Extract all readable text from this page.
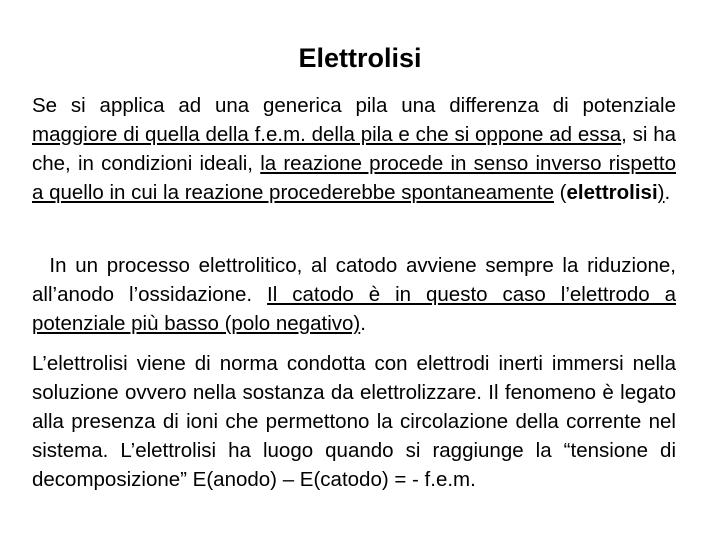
Elettrolisi

Se si applica ad una generica pila una differenza di potenziale maggiore di quella della f.e.m. della pila e che si oppone ad essa, si ha che, in condizioni ideali, la reazione procede in senso inverso rispetto a quello in cui la reazione procederebbe spontaneamente (elettrolisi).

In un processo elettrolitico, al catodo avviene sempre la riduzione, all’anodo l’ossidazione. Il catodo è in questo caso l’elettrodo a potenziale più basso (polo negativo).

L’elettrolisi viene di norma condotta con elettrodi inerti immersi nella soluzione ovvero nella sostanza da elettrolizzare. Il fenomeno è legato alla presenza di ioni che permettono la circolazione della corrente nel sistema. L’elettrolisi ha luogo quando si raggiunge la “tensione di decomposizione” E(anodo) – E(catodo) = - f.e.m.
